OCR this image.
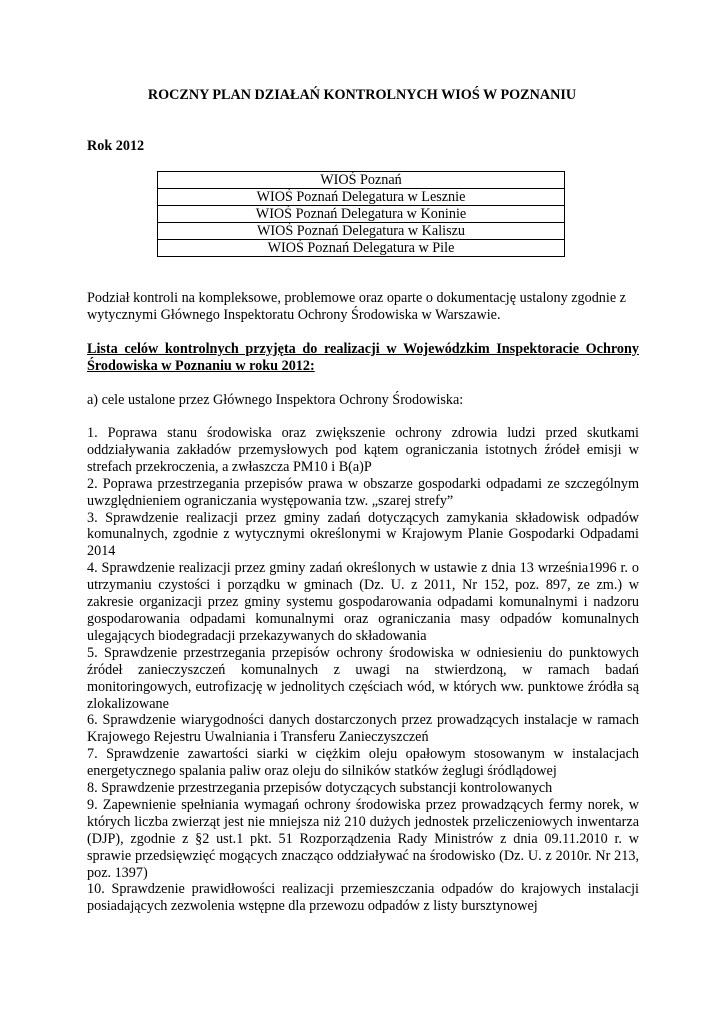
ROCZNY PLAN DZIAŁAŃ KONTROLNYCH WIOŚ W POZNANIU

Rok 2012

WIOŚ Poznań
WIOŚ Poznań Delegatura w Lesznie
WIOŚ Poznań Delegatura w Koninie
WIOŚ Poznań Delegatura w Kaliszu
WIOŚ Poznań Delegatura w Pile

Podział kontroli na kompleksowe, problemowe oraz oparte o dokumentację ustalony zgodnie z wytycznymi Głównego Inspektoratu Ochrony Środowiska w Warszawie.

Lista celów kontrolnych przyjęta do realizacji w Wojewódzkim Inspektoracie Ochrony Środowiska w Poznaniu w roku 2012:

a) cele ustalone przez Głównego Inspektora Ochrony Środowiska:

1. Poprawa stanu środowiska oraz zwiększenie ochrony zdrowia ludzi przed skutkami oddziaływania zakładów przemysłowych pod kątem ograniczania istotnych źródeł emisji w strefach przekroczenia, a zwłaszcza PM10 i B(a)P
2. Poprawa przestrzegania przepisów prawa w obszarze gospodarki odpadami ze szczególnym uwzględnieniem ograniczania występowania tzw. „szarej strefy”
3. Sprawdzenie realizacji przez gminy zadań dotyczących zamykania składowisk odpadów komunalnych, zgodnie z wytycznymi określonymi w Krajowym Planie Gospodarki Odpadami 2014
4. Sprawdzenie realizacji przez gminy zadań określonych w ustawie z dnia 13 września1996 r. o utrzymaniu czystości i porządku w gminach (Dz. U. z 2011, Nr 152, poz. 897, ze zm.) w zakresie organizacji przez gminy systemu gospodarowania odpadami komunalnymi i nadzoru gospodarowania odpadami komunalnymi oraz ograniczania masy odpadów komunalnych ulegających biodegradacji przekazywanych do składowania
5. Sprawdzenie przestrzegania przepisów ochrony środowiska w odniesieniu do punktowych źródeł zanieczyszczeń komunalnych z uwagi na stwierdzoną, w ramach badań monitoringowych, eutrofizację w jednolitych częściach wód, w których ww. punktowe źródła są zlokalizowane
6. Sprawdzenie wiarygodności danych dostarczonych przez prowadzących instalacje w ramach Krajowego Rejestru Uwalniania i Transferu Zanieczyszczeń
7. Sprawdzenie zawartości siarki w ciężkim oleju opałowym stosowanym w instalacjach energetycznego spalania paliw oraz oleju do silników statków żeglugi śródlądowej
8. Sprawdzenie przestrzegania przepisów dotyczących substancji kontrolowanych
9. Zapewnienie spełniania wymagań ochrony środowiska przez prowadzących fermy norek, w których liczba zwierząt jest nie mniejsza niż 210 dużych jednostek przeliczeniowych inwentarza (DJP), zgodnie z §2 ust.1 pkt. 51 Rozporządzenia Rady Ministrów z dnia 09.11.2010 r. w sprawie przedsięwzięć mogących znacząco oddziaływać na środowisko (Dz. U. z 2010r. Nr 213, poz. 1397)
10. Sprawdzenie prawidłowości realizacji przemieszczania odpadów do krajowych instalacji posiadających zezwolenia wstępne dla przewozu odpadów z listy bursztynowej
